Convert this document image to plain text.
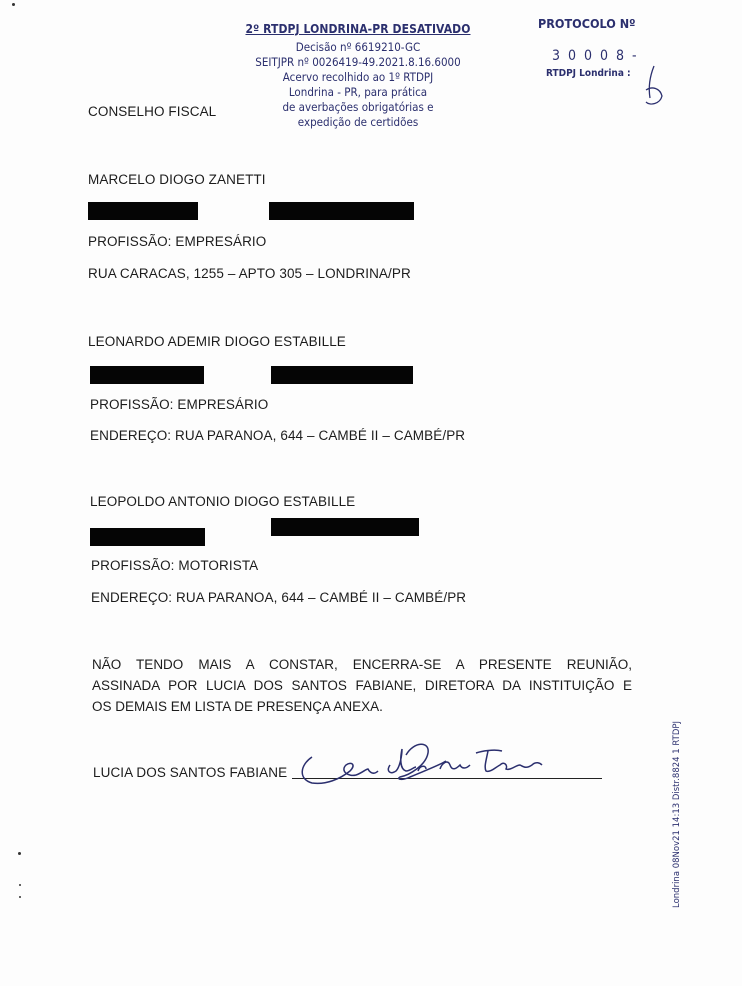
2º RTDPJ LONDRINA-PR DESATIVADO
Decisão nº 6619210-GC
SEITJPR nº 0026419-49.2021.8.16.6000
Acervo recolhido ao 1º RTDPJ
Londrina - PR, para prática
de averbações obrigatórias e
expedição de certidões
PROTOCOLO Nº
3 0 0 0 8 -
RTDPJ Londrina :
CONSELHO FISCAL
MARCELO DIOGO ZANETTI
PROFISSÃO: EMPRESÁRIO
RUA CARACAS, 1255 – APTO 305 – LONDRINA/PR
LEONARDO ADEMIR DIOGO ESTABILLE
PROFISSÃO: EMPRESÁRIO
ENDEREÇO: RUA PARANOA, 644 – CAMBÉ II – CAMBÉ/PR
LEOPOLDO ANTONIO DIOGO ESTABILLE
PROFISSÃO: MOTORISTA
ENDEREÇO: RUA PARANOA, 644 – CAMBÉ II – CAMBÉ/PR
NÃO TENDO MAIS A CONSTAR, ENCERRA-SE A PRESENTE REUNIÃO,
ASSINADA POR LUCIA DOS SANTOS FABIANE, DIRETORA DA INSTITUIÇÃO E
OS DEMAIS EM LISTA DE PRESENÇA ANEXA.
LUCIA DOS SANTOS FABIANE	Londrina 08Nov21 14:13 Distr.8824 1 RTDPJ
